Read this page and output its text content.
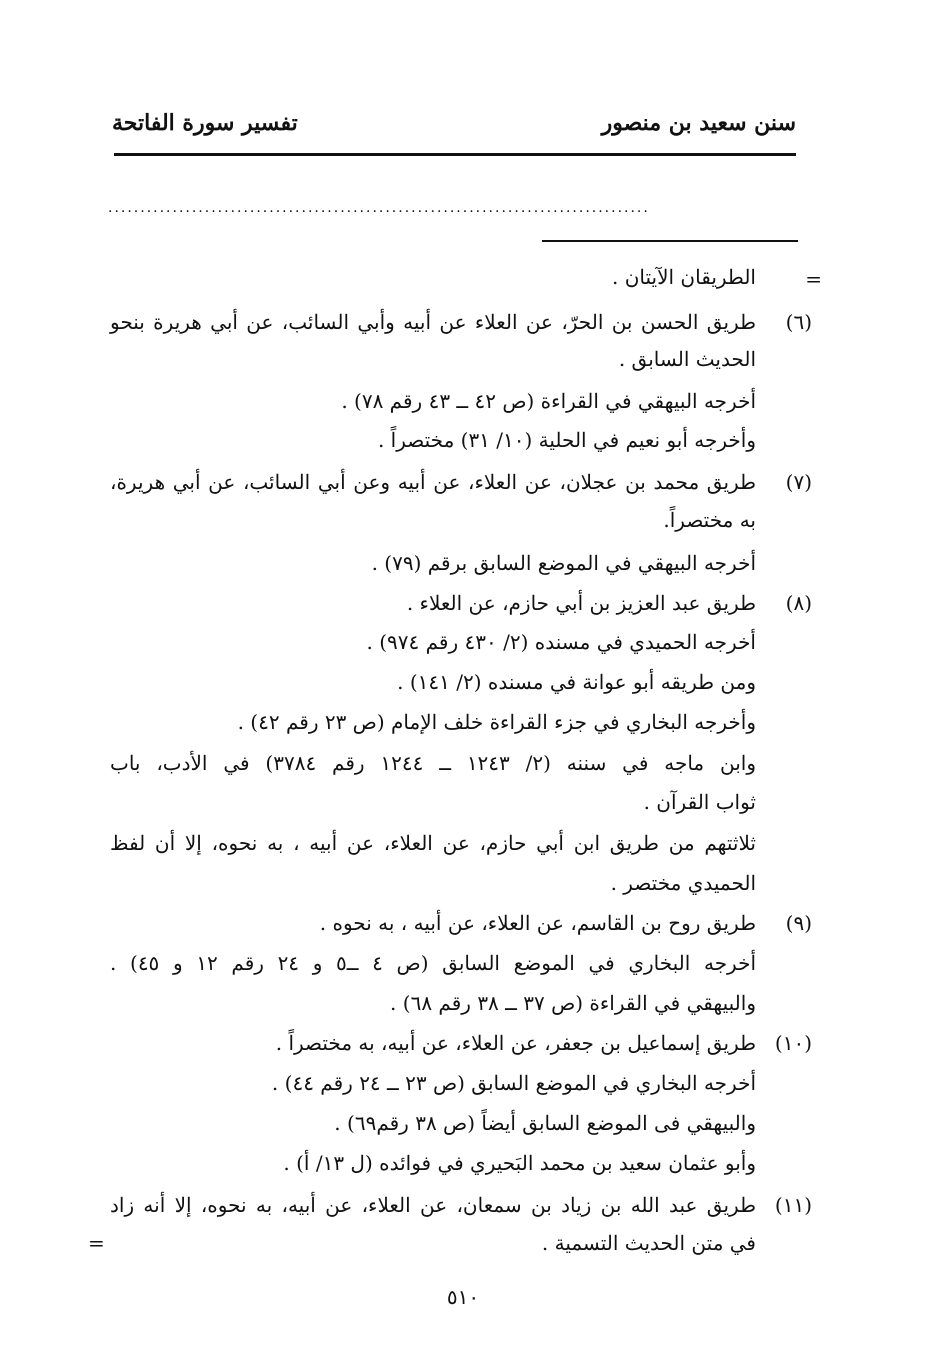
سنن سعيد بن منصور
تفسير سورة الفاتحة
....................................................................................
=
الطريقان الآيتان .
طريق الحسن بن الحرّ، عن العلاء عن أبيه وأبي السائب، عن أبي هريرة بنحو	(٦)
الحديث السابق .
أخرجه البيهقي في القراءة (ص ٤٢ ــ ٤٣ رقم ٧٨) .
وأخرجه أبو نعيم في الحلية (١٠/ ٣١) مختصراً .
طريق محمد بن عجلان، عن العلاء، عن أبيه وعن أبي السائب، عن أبي هريرة،	(٧)
به مختصراً.
أخرجه البيهقي في الموضع السابق برقم (٧٩) .
طريق عبد العزيز بن أبي حازم، عن العلاء .	(٨)
أخرجه الحميدي في مسنده (٢/ ٤٣٠ رقم ٩٧٤) .
ومن طريقه أبو عوانة في مسنده (٢/ ١٤١) .
وأخرجه البخاري في جزء القراءة خلف الإمام (ص ٢٣ رقم ٤٢) .
وابن ماجه في سننه (٢/ ١٢٤٣ ــ ١٢٤٤ رقم ٣٧٨٤) في الأدب، باب
ثواب القرآن .
ثلاثتهم من طريق ابن أبي حازم، عن العلاء، عن أبيه ، به نحوه، إلا أن لفظ
الحميدي مختصر .
طريق روح بن القاسم، عن العلاء، عن أبيه ، به نحوه .	(٩)
أخرجه البخاري في الموضع السابق (ص ٤ ــ٥ و ٢٤ رقم ١٢ و ٤٥) .
والبيهقي في القراءة (ص ٣٧ ــ ٣٨ رقم ٦٨) .
طريق إسماعيل بن جعفر، عن العلاء، عن أبيه، به مختصراً . (١٠)
أخرجه البخاري في الموضع السابق (ص ٢٣ ــ ٢٤ رقم ٤٤) .
والبيهقي فى الموضع السابق أيضاً (ص ٣٨ رقم٦٩) .
وأبو عثمان سعيد بن محمد البَحيري في فوائده (ل ١٣/ أ) .
طريق عبد الله بن زياد بن سمعان، عن العلاء، عن أبيه، به نحوه، إلا أنه زاد (١١)
في متن الحديث التسمية .
=
٥١٠
